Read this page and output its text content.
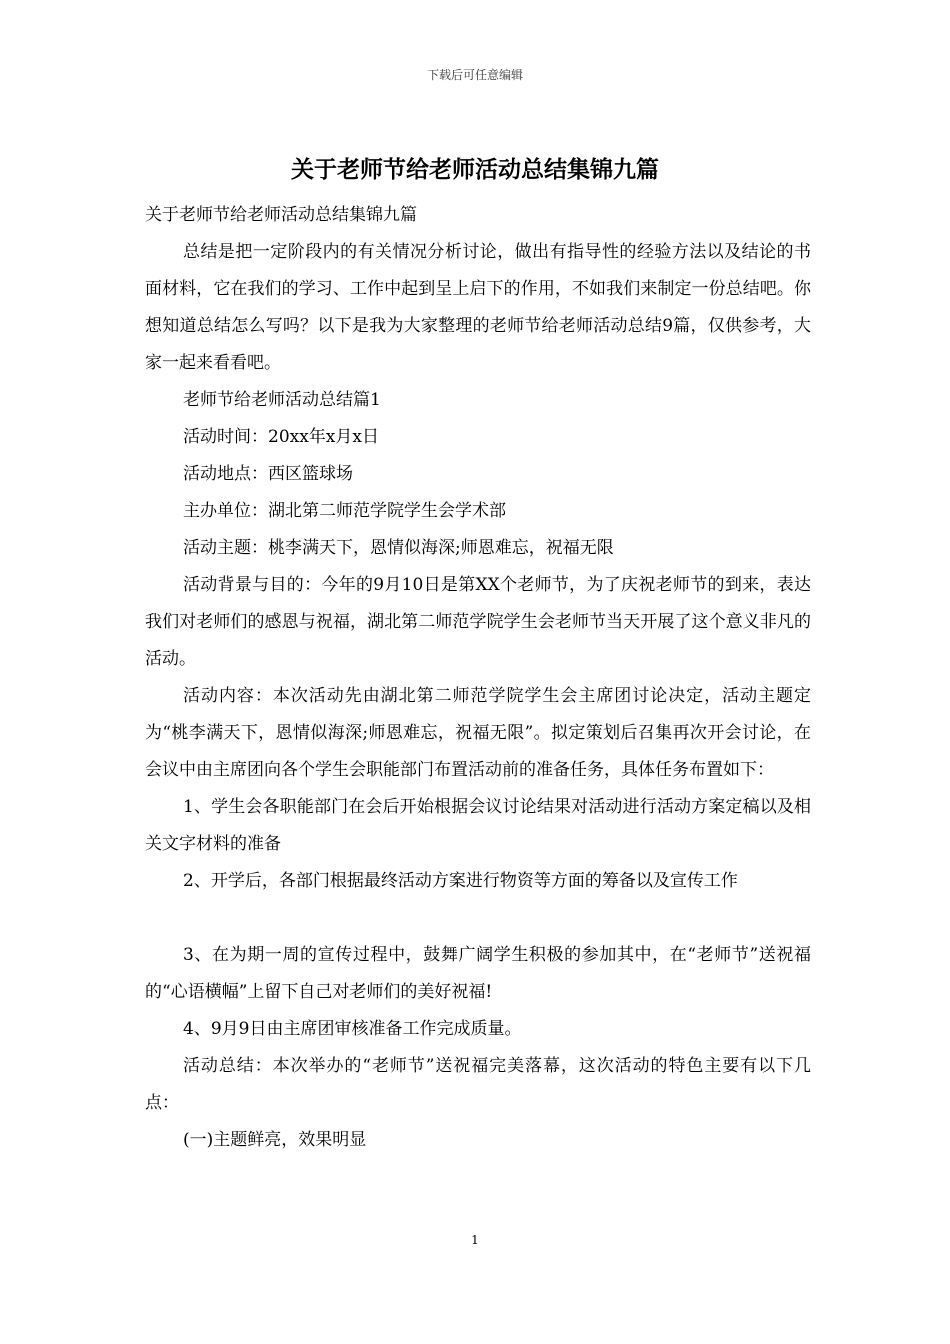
下载后可任意编辑
关于老师节给老师活动总结集锦九篇

关于老师节给老师活动总结集锦九篇

总结是把一定阶段内的有关情况分析讨论，做出有指导性的经验方法以及结论的书面材料，它在我们的学习、工作中起到呈上启下的作用，不如我们来制定一份总结吧。你想知道总结怎么写吗？以下是我为大家整理的老师节给老师活动总结9篇，仅供参考，大家一起来看看吧。

老师节给老师活动总结篇1

活动时间：20xx年x月x日

活动地点：西区篮球场

主办单位：湖北第二师范学院学生会学术部

活动主题：桃李满天下，恩情似海深;师恩难忘，祝福无限

活动背景与目的：今年的9月10日是第XX个老师节，为了庆祝老师节的到来，表达我们对老师们的感恩与祝福，湖北第二师范学院学生会老师节当天开展了这个意义非凡的活动。

活动内容：本次活动先由湖北第二师范学院学生会主席团讨论决定，活动主题定为“桃李满天下，恩情似海深;师恩难忘，祝福无限”。拟定策划后召集再次开会讨论，在会议中由主席团向各个学生会职能部门布置活动前的准备任务，具体任务布置如下：

1、学生会各职能部门在会后开始根据会议讨论结果对活动进行活动方案定稿以及相关文字材料的准备

2、开学后，各部门根据最终活动方案进行物资等方面的筹备以及宣传工作

3、在为期一周的宣传过程中，鼓舞广阔学生积极的参加其中，在“老师节”送祝福的“心语横幅”上留下自己对老师们的美好祝福!

4、9月9日由主席团审核准备工作完成质量。

活动总结：本次举办的“老师节”送祝福完美落幕，这次活动的特色主要有以下几点：

(一)主题鲜亮，效果明显

1
